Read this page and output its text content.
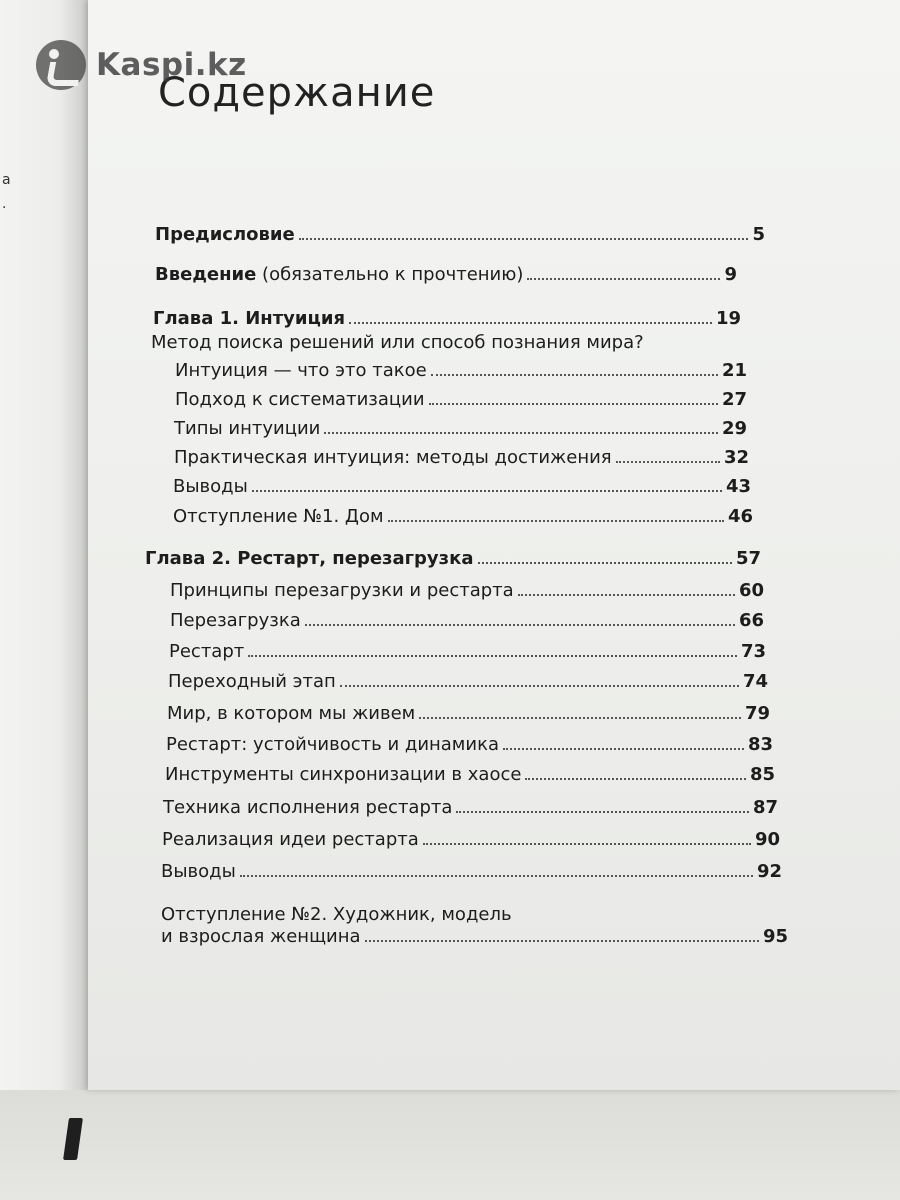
а
.
Kaspi.kz
Содержание
Предисловие	5
Введение (обязательно к прочтению)	9
Глава 1. Интуиция	19
Метод поиска решений или способ познания мира?
Интуиция — что это такое	21
Подход к систематизации	27
Типы интуиции	29
Практическая интуиция: методы достижения	32
Выводы	43
Отступление №1. Дом	46
Глава 2. Рестарт, перезагрузка	57
Принципы перезагрузки и рестарта	60
Перезагрузка	66
Рестарт	73
Переходный этап	74
Мир, в котором мы живем	79
Рестарт: устойчивость и динамика	83
Инструменты синхронизации в хаосе	85
Техника исполнения рестарта	87
Реализация идеи рестарта	90
Выводы	92
Отступление №2. Художник, модель
и взрослая женщина	95
